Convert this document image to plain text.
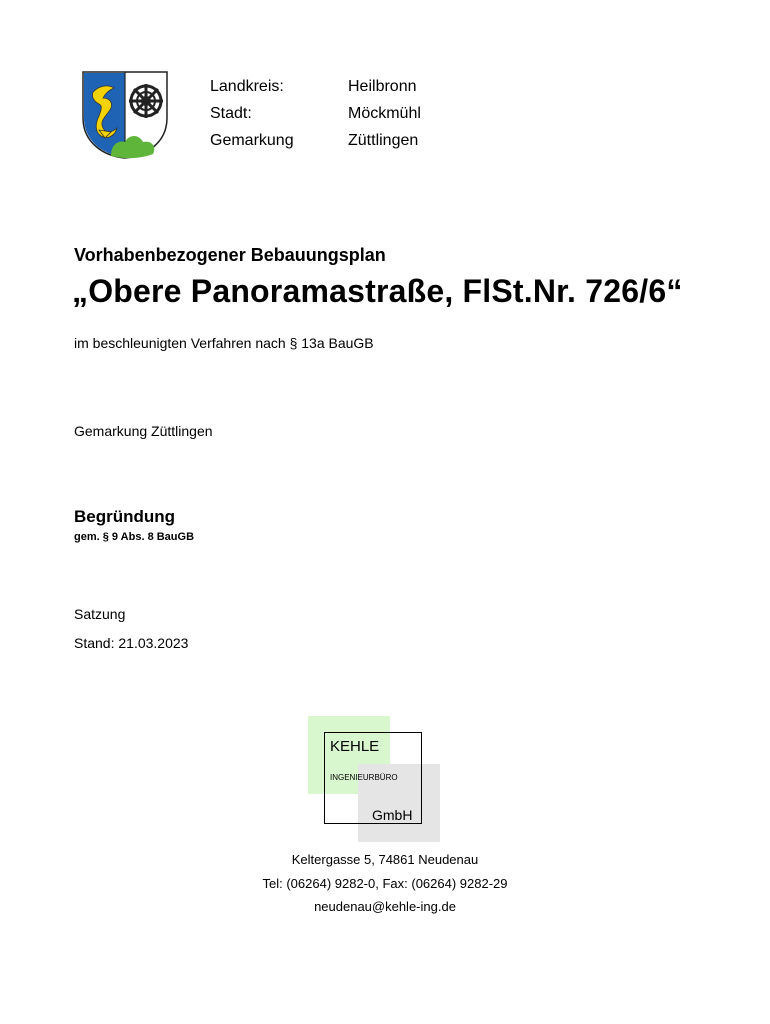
Landkreis:	Heilbronn
Stadt:	Möckmühl
Gemarkung	Züttlingen
Vorhabenbezogener Bebauungsplan
„Obere Panoramastraße, FlSt.Nr. 726/6“
im beschleunigten Verfahren nach § 13a BauGB
Gemarkung Züttlingen
Begründung
gem. § 9 Abs. 8 BauGB
Satzung
Stand: 21.03.2023
KEHLE
INGENIEURBÜRO
GmbH
Keltergasse 5, 74861 Neudenau
Tel: (06264) 9282-0, Fax: (06264) 9282-29
neudenau@kehle-ing.de
